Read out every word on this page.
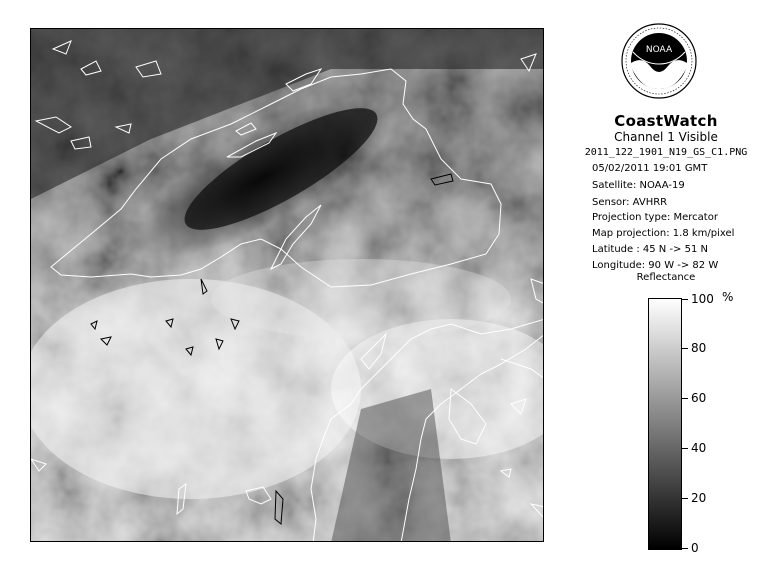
NOAA
CoastWatch
Channel 1 Visible
2011_122_1901_N19_GS_C1.PNG
05/02/2011 19:01 GMT
Satellite: NOAA-19
Sensor: AVHRR
Projection type: Mercator
Map projection: 1.8 km/pixel
Latitude : 45 N -> 51 N
Longitude: 90 W -> 82 W
Reflectance
%
100
80
60
40
20
0
